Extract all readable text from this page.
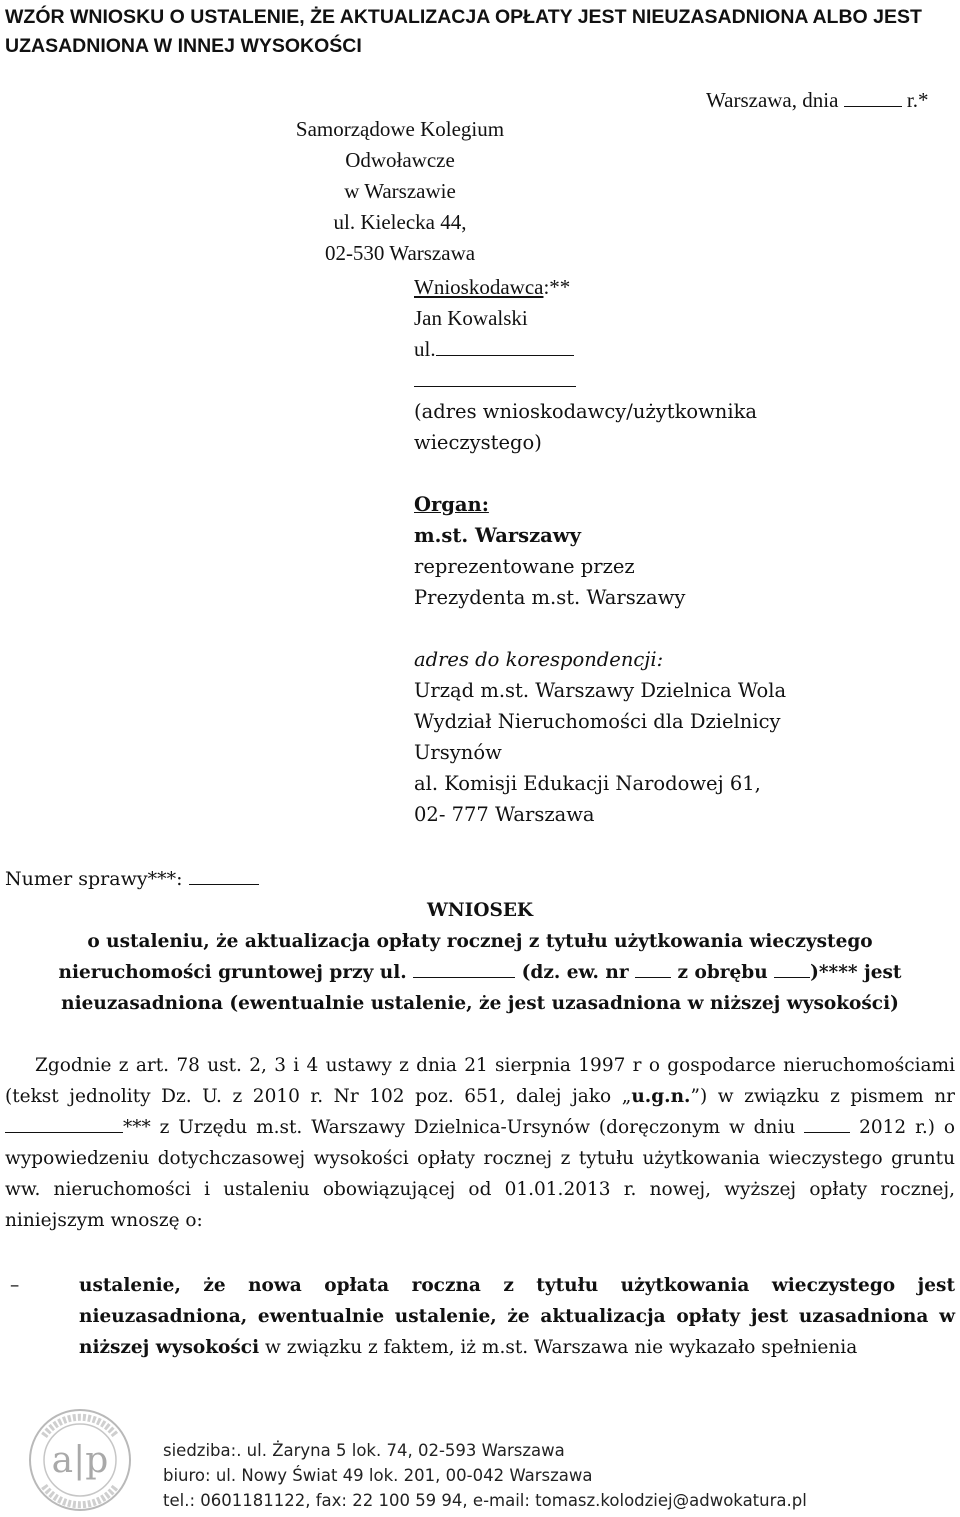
WZÓR WNIOSKU O USTALENIE, ŻE AKTUALIZACJA OPŁATY JEST NIEUZASADNIONA ALBO JEST UZASADNIONA W INNEJ WYSOKOŚCI
Warszawa, dnia	r.*
Samorządowe Kolegium Odwoławcze
w Warszawie
ul. Kielecka 44,
02-530 Warszawa
Wnioskodawca:**
Jan Kowalski
ul.
(adres wnioskodawcy/użytkownika
wieczystego)
Organ:
m.st. Warszawy
reprezentowane przez
Prezydenta m.st. Warszawy
adres do korespondencji:
Urząd m.st. Warszawy Dzielnica Wola
Wydział Nieruchomości dla Dzielnicy
Ursynów
al. Komisji Edukacji Narodowej 61,
02- 777 Warszawa
Numer sprawy***:
WNIOSEK
o ustaleniu, że aktualizacja opłaty rocznej z tytułu użytkowania wieczystego
nieruchomości gruntowej przy ul.	(dz. ew. nr	z obrębu )**** jest
nieuzasadniona (ewentualnie ustalenie, że jest uzasadniona w niższej wysokości)
Zgodnie z art. 78 ust. 2, 3 i 4 ustawy z dnia 21 sierpnia 1997 r o gospodarce nieruchomościami (tekst jednolity Dz. U. z 2010 r. Nr 102 poz. 651, dalej jako „u.g.n.”) w związku z pismem nr *** z Urzędu m.st. Warszawy Dzielnica-Ursynów (doręczonym w dniu	2012 r.) o wypowiedzeniu dotychczasowej wysokości opłaty rocznej z tytułu użytkowania wieczystego gruntu ww. nieruchomości i ustaleniu obowiązującej od 01.01.2013 r. nowej, wyższej opłaty rocznej, niniejszym wnoszę o:
–	ustalenie, że nowa opłata roczna z tytułu użytkowania wieczystego jest nieuzasadniona, ewentualnie ustalenie, że aktualizacja opłaty jest uzasadniona w niższej wysokości w związku z faktem, iż m.st. Warszawa nie wykazało spełnienia
a|p	siedziba:. ul. Żaryna 5 lok. 74, 02-593 Warszawa
biuro: ul. Nowy Świat 49 lok. 201, 00-042 Warszawa
tel.: 0601181122, fax: 22 100 59 94, e-mail: tomasz.kolodziej@adwokatura.pl
